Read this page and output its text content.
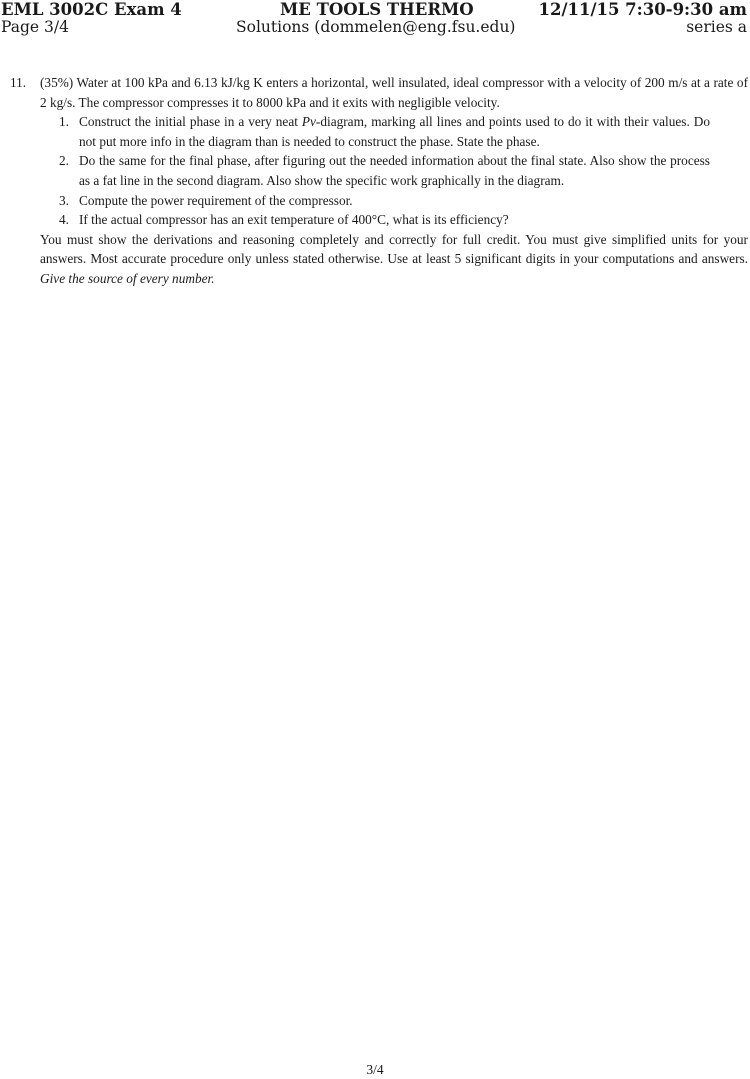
EML 3002C Exam 4	ME TOOLS THERMO	12/11/15 7:30-9:30 am
Page 3/4	Solutions (dommelen@eng.fsu.edu)	series a
11. (35%) Water at 100 kPa and 6.13 kJ/kg K enters a horizontal, well insulated, ideal compressor with a velocity of 200 m/s at a rate of 2 kg/s. The compressor compresses it to 8000 kPa and it exits with negligible velocity.

1. Construct the initial phase in a very neat Pv-diagram, marking all lines and points used to do it with their values. Do not put more info in the diagram than is needed to construct the phase. State the phase.
2. Do the same for the final phase, after figuring out the needed information about the final state. Also show the process as a fat line in the second diagram. Also show the specific work graphically in the diagram.
3. Compute the power requirement of the compressor.
4. If the actual compressor has an exit temperature of 400°C, what is its efficiency?

You must show the derivations and reasoning completely and correctly for full credit. You must give simplified units for your answers. Most accurate procedure only unless stated otherwise. Use at least 5 significant digits in your computations and answers. Give the source of every number.

3/4
